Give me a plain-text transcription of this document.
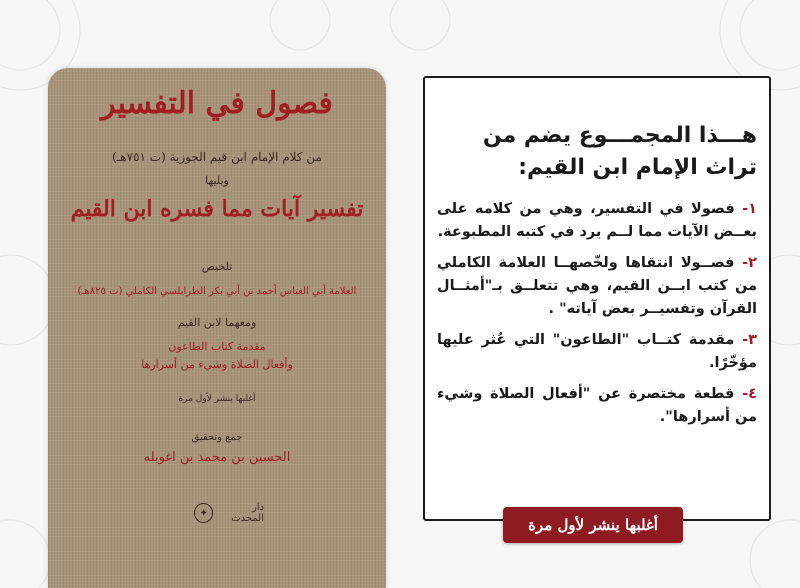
فصول في التفسير
من كلام الإمام ابن قيم الجوزية (ت ٧٥١هـ)
ويليها
تفسير آيات مما فسره ابن القيم
تلخيص
العلامة أبي العباس أحمد بن أبي بكر الطرابلسي الكاملي (ت ٨٢٥هـ)
ومعهما لابن القيم
مقدمة كتاب الطاعون
وأفعال الصلاة وشيء من أسرارها
أغلبها ينشر لأول مرة
جمع وتحقيق
الحسين بن محمد بن اغوبله
دار المحدث
✦
هـــذا المجمـــوع يضم من تراث الإمام ابن القيم:
١- فصولا في التفسير، وهي من كلامه على بعــض الآيات مما لــم يرد في كتبه المطبوعة.
٢- فصــولا انتقاها ولخّصهــا العلامة الكاملي من كتب ابــن القيم، وهي تتعلــق بـ"أمثــال القرآن وتفسيــر بعض آياته" .
٣- مقدمة كتــاب "الطاعون" التي عُثر عليها مؤخّرًا.
٤- قطعة مختصرة عن "أفعال الصلاة وشيء من أسرارها".
أغلبها ينشر لأول مرة
